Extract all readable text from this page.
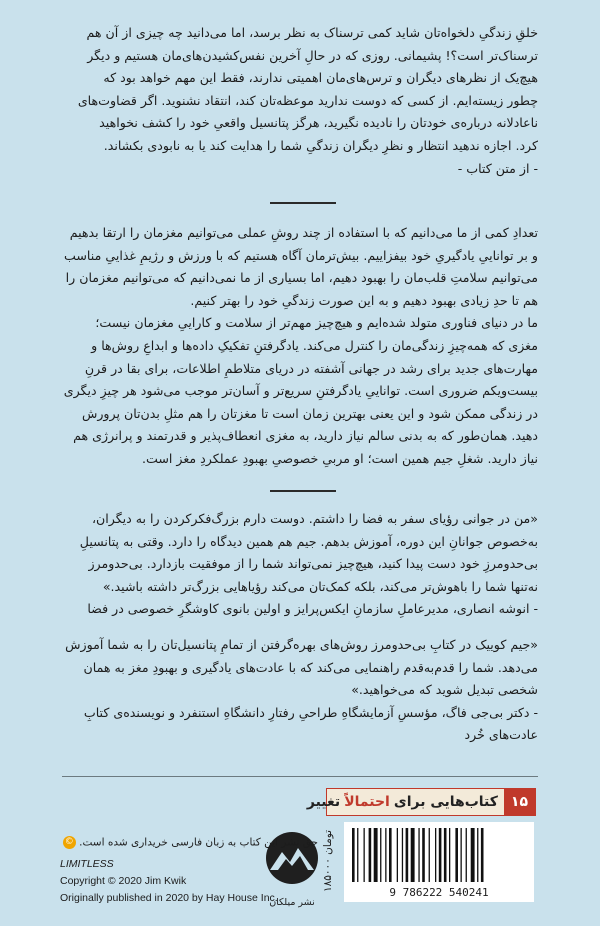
خلقِ زندگیِ دلخواه‌تان شاید کمی ترسناک به نظر برسد، اما می‌دانید چه چیزی از آن هم
ترسناک‌تر است؟! پشیمانی. روزی که در حالِ آخرین نفس‌کشیدن‌های‌مان هستیم و دیگر
هیچ‌یک از نظرهای دیگران و ترس‌های‌مان اهمیتی ندارند، فقط این مهم خواهد بود که
چطور زیسته‌ایم. از کسی که دوست ندارید موعظه‌تان کند، انتقاد نشنوید. اگر قضاوت‌های
ناعادلانه درباره‌ی خودتان را نادیده نگیرید، هرگز پتانسیل واقعیِ خود را کشف نخواهید
کرد. اجازه ندهید انتظار و نظرِ دیگران زندگیِ شما را هدایت کند یا به نابودی بکشاند.

- از متن کتاب -

تعدادِ کمی از ما می‌دانیم که با استفاده از چند روشِ عملی می‌توانیم مغزمان را ارتقا بدهیم
و بر تواناییِ یادگیریِ خود بیفزاییم. بیش‌ترمان آگاه هستیم که با ورزش و رژیمِ غذاییِ مناسب
می‌توانیم سلامتِ قلب‌مان را بهبود دهیم، اما بسیاری از ما نمی‌دانیم که می‌توانیم مغزمان را
هم تا حدِ زیادی بهبود دهیم و به این صورت زندگیِ خود را بهتر کنیم.
ما در دنیای فناوری متولد شده‌ایم و هیچ‌چیز مهم‌تر از سلامت و کاراییِ مغزمان نیست؛
مغزی که همه‌چیزِ زندگی‌مان را کنترل می‌کند. یادگرفتنِ تفکیکِ داده‌ها و ابداعِ روش‌ها و
مهارت‌های جدید برای رشد در جهانی آشفته در دریای متلاطمِ اطلاعات، برای بقا در قرنِ
بیست‌ویکم ضروری است. تواناییِ یادگرفتنِ سریع‌تر و آسان‌تر موجب می‌شود هر چیزِ دیگری
در زندگی ممکن شود و این یعنی بهترین زمان است تا مغزتان را هم مثلِ بدن‌تان پرورش
دهید. همان‌طور که به بدنی سالم نیاز دارید، به مغزی انعطاف‌پذیر و قدرتمند و پرانرژی هم
نیاز دارید. شغلِ جیم همین است؛ او مربیِ خصوصیِ بهبودِ عملکردِ مغز است.

«من در جوانی رؤیای سفر به فضا را داشتم. دوست دارم بزرگ‌فکرکردن را به دیگران،
به‌خصوص جوانانِ این دوره، آموزش بدهم. جیم هم همین دیدگاه را دارد. وقتی به پتانسیلِ
بی‌حدومرزِ خود دست پیدا کنید، هیچ‌چیز نمی‌تواند شما را از موفقیت بازدارد. بی‌حدومرز
نه‌تنها شما را باهوش‌تر می‌کند، بلکه کمک‌تان می‌کند رؤیاهایی بزرگ‌تر داشته باشید.»

- انوشه انصاری، مدیرعاملِ سازمانِ ایکس‌پرایز و اولین بانوی کاوشگرِ خصوصی در فضا

«جیم کوییک در کتابِ بی‌حدومرز روش‌های بهره‌گرفتن از تمامِ پتانسیل‌تان را به شما آموزش
می‌دهد. شما را قدم‌به‌قدم راهنمایی می‌کند که با عادت‌های یادگیری و بهبودِ مغز به همان
شخصی تبدیل شوید که می‌خواهید.»

- دکتر بی‌جی فاگ، مؤسسِ آزمایشگاهِ طراحیِ رفتارِ دانشگاهِ استنفرد و نویسنده‌ی کتابِ
عادت‌های خُرد
۱۵
کتاب‌هایی برای
احتمالاً
تغییر
۱۸۵۰۰۰ تومان
9 786222 540241
نشر میلکان
حق نشر این کتاب به زبان فارسی خریداری شده است. ©
LIMITLESS
Copyright © 2020 Jim Kwik
Originally published in 2020 by Hay House Inc.
